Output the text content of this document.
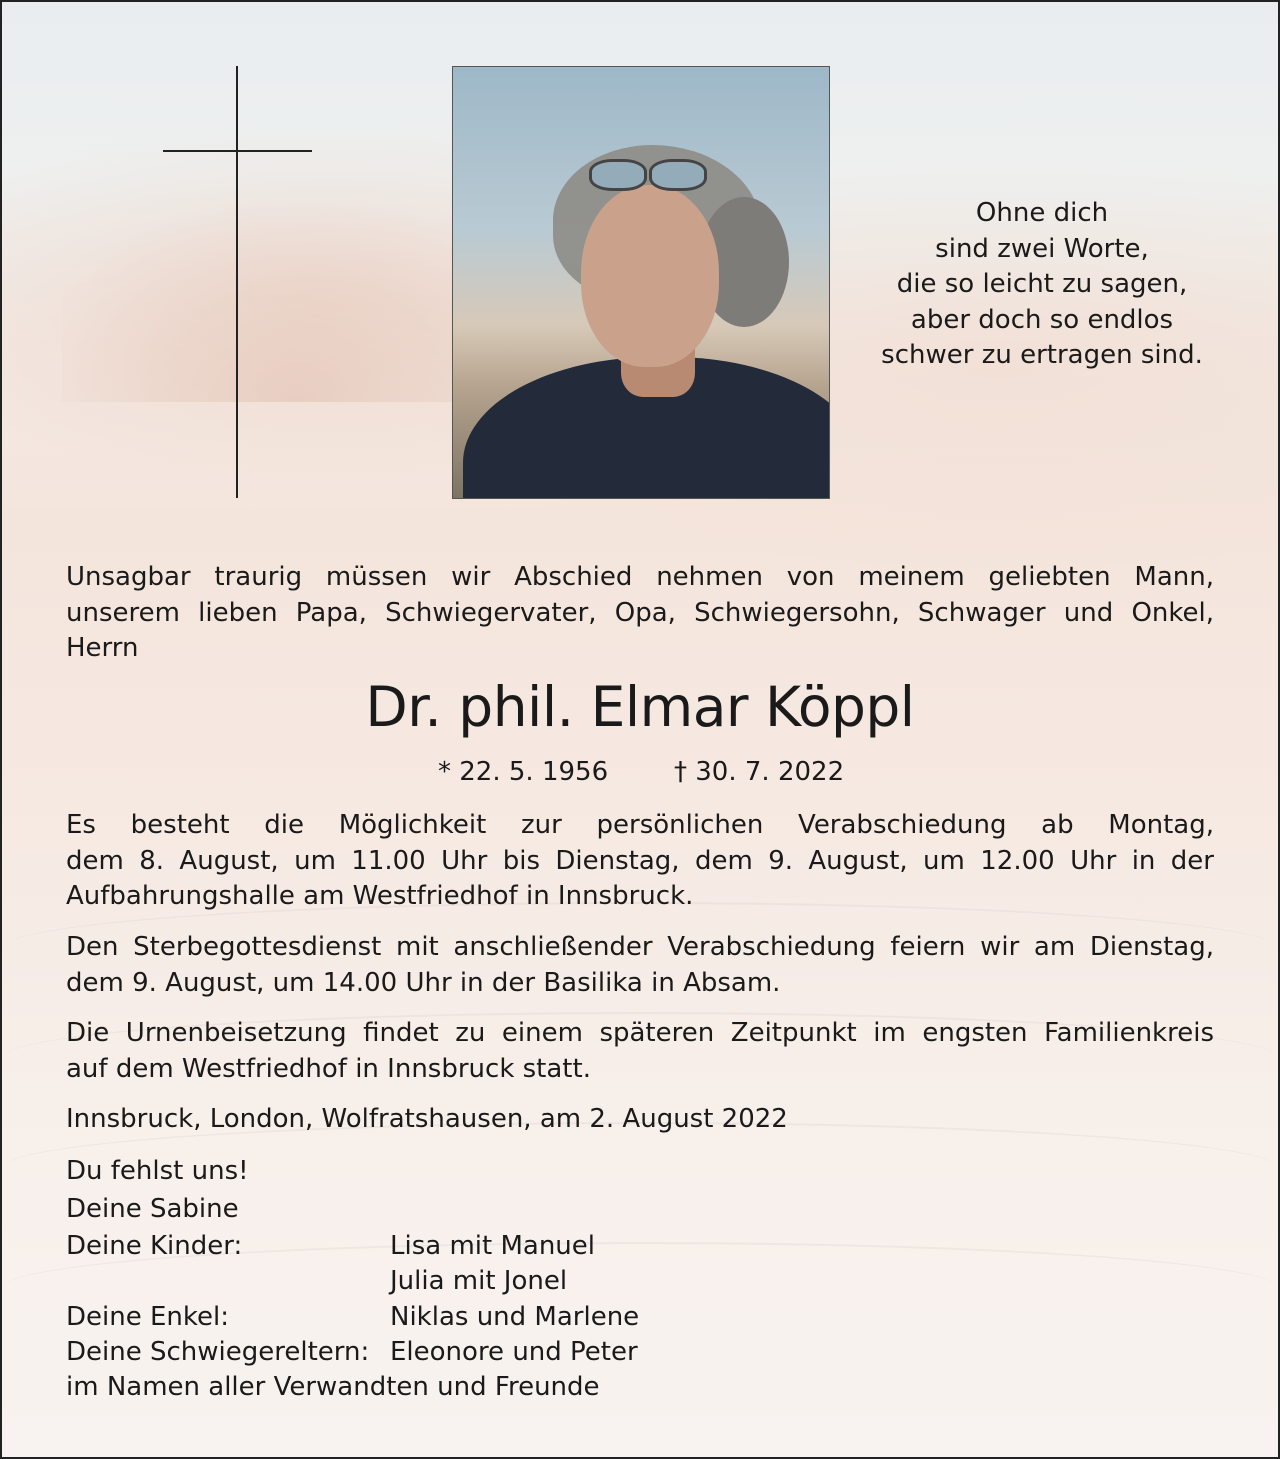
Ohne dich
sind zwei Worte,
die so leicht zu sagen,
aber doch so endlos
schwer zu ertragen sind.
Unsagbar traurig müssen wir Abschied nehmen von meinem geliebten Mann,
unserem lieben Papa, Schwiegervater, Opa, Schwiegersohn, Schwager und Onkel,
Herrn
Dr. phil. Elmar Köppl
* 22. 5. 1956	† 30. 7. 2022
Es besteht die Möglichkeit zur persönlichen Verabschiedung ab Montag,
dem 8. August, um 11.00 Uhr bis Dienstag, dem 9. August, um 12.00 Uhr in der
Aufbahrungshalle am Westfriedhof in Innsbruck.
Den Sterbegottesdienst mit anschließender Verabschiedung feiern wir am Dienstag,
dem 9. August, um 14.00 Uhr in der Basilika in Absam.
Die Urnenbeisetzung findet zu einem späteren Zeitpunkt im engsten Familienkreis
auf dem Westfriedhof in Innsbruck statt.
Innsbruck, London, Wolfratshausen, am 2. August 2022
Du fehlst uns!
Deine Sabine
Deine Kinder:	Lisa mit Manuel
Julia mit Jonel
Deine Enkel:	Niklas und Marlene
Deine Schwiegereltern: Eleonore und Peter
im Namen aller Verwandten und Freunde
